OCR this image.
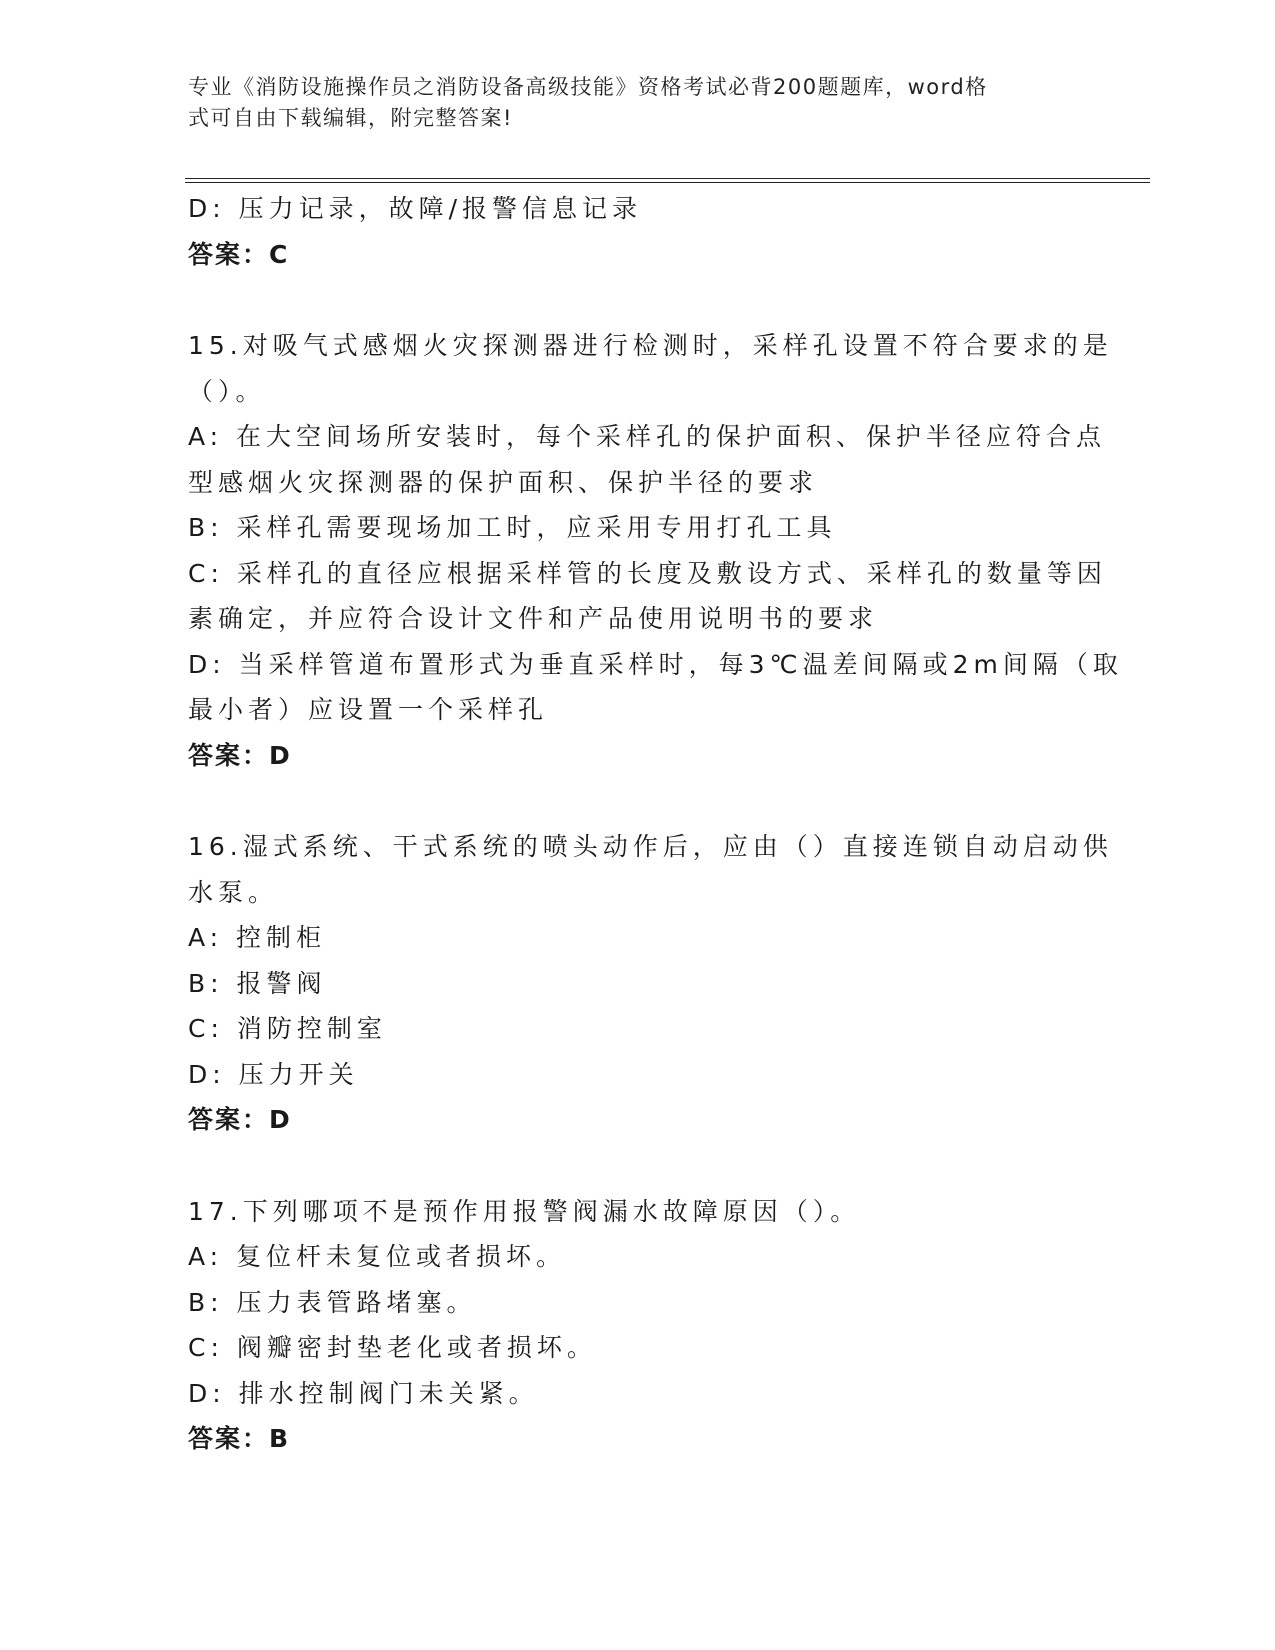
专业《消防设施操作员之消防设备高级技能》资格考试必背200题题库，word格
式可自由下载编辑，附完整答案!
D: 压力记录，故障/报警信息记录
答案：C
15.对吸气式感烟火灾探测器进行检测时，采样孔设置不符合要求的是
（）。
A: 在大空间场所安装时，每个采样孔的保护面积、保护半径应符合点
型感烟火灾探测器的保护面积、保护半径的要求
B: 采样孔需要现场加工时，应采用专用打孔工具
C: 采样孔的直径应根据采样管的长度及敷设方式、采样孔的数量等因
素确定，并应符合设计文件和产品使用说明书的要求
D: 当采样管道布置形式为垂直采样时，每3℃温差间隔或2m间隔（取
最小者）应设置一个采样孔
答案：D
16.湿式系统、干式系统的喷头动作后，应由（）直接连锁自动启动供
水泵。
A: 控制柜
B: 报警阀
C: 消防控制室
D: 压力开关
答案：D
17.下列哪项不是预作用报警阀漏水故障原因（）。
A: 复位杆未复位或者损坏。
B: 压力表管路堵塞。
C: 阀瓣密封垫老化或者损坏。
D: 排水控制阀门未关紧。
答案：B
